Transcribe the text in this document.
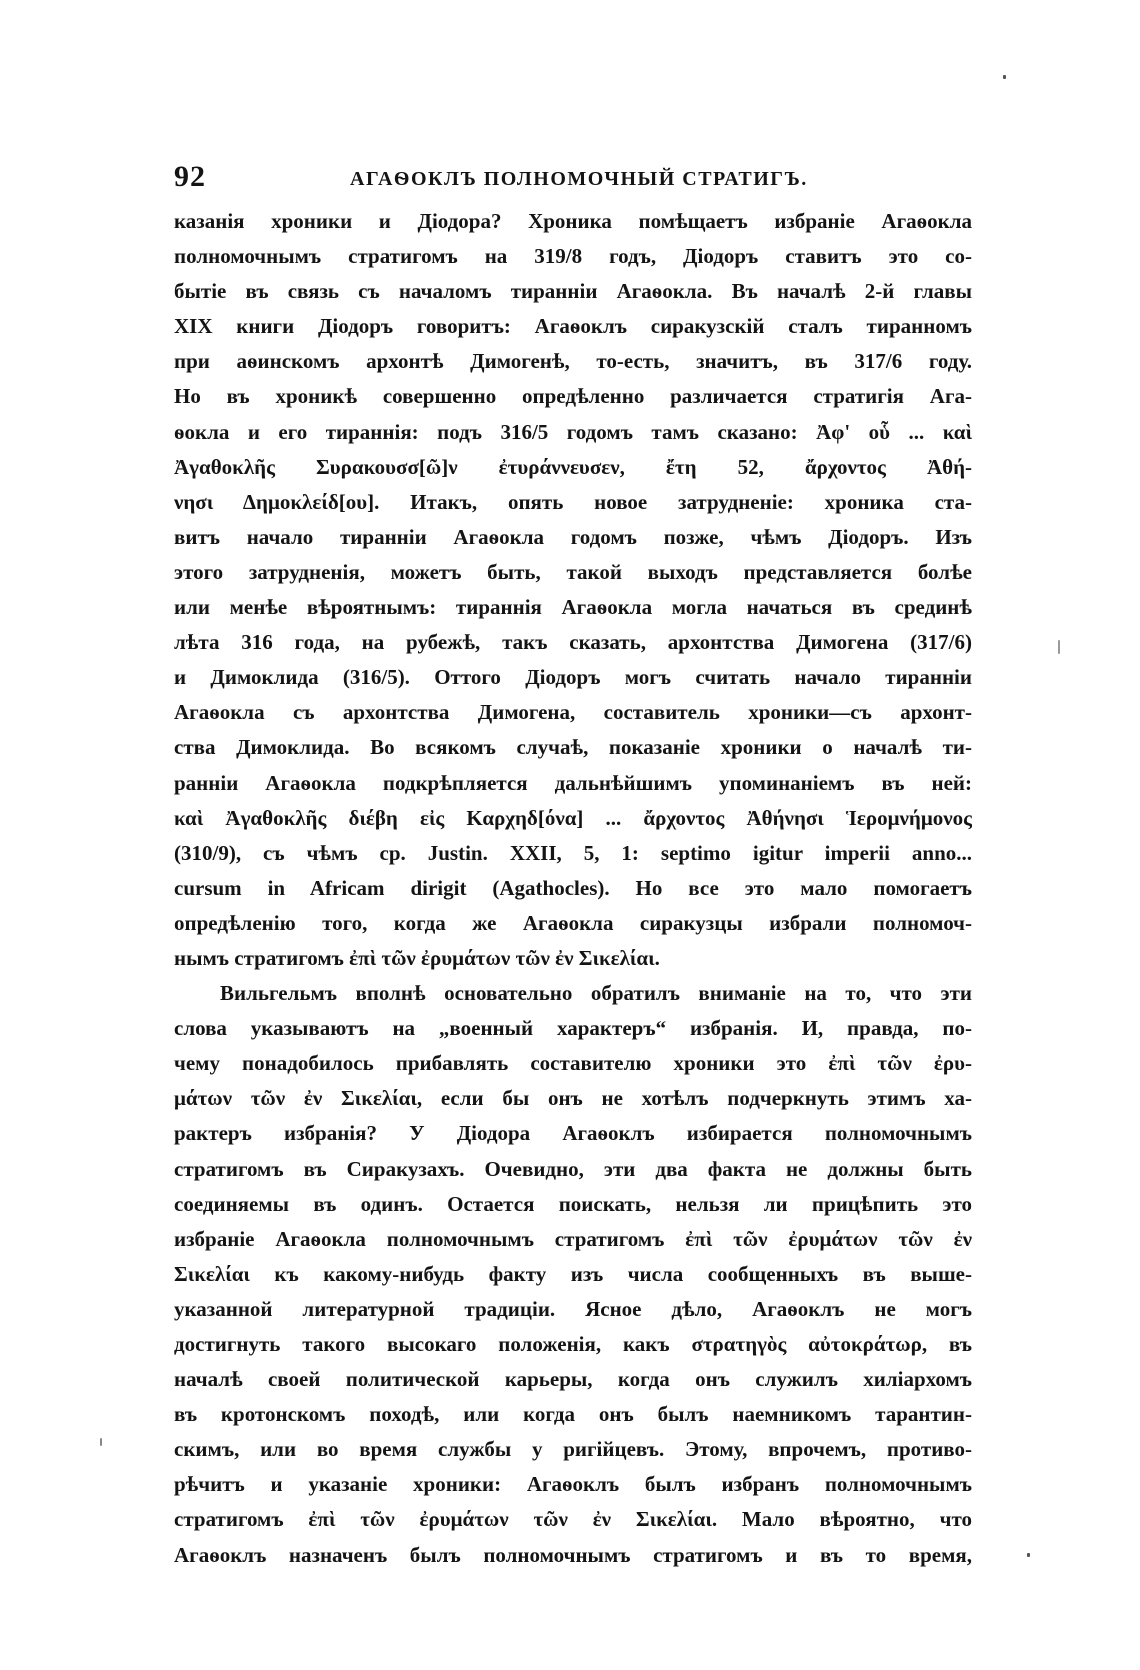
92	АГАѲОКЛЪ ПОЛНОМОЧНЫЙ СТРАТИГЪ.
казанія хроники и Діодора? Хроника помѣщаетъ избраніе Агаѳокла
полномочнымъ стратигомъ на 319/8 годъ, Діодоръ ставитъ это со-
бытіе въ связь съ началомъ тиранніи Агаѳокла. Въ началѣ 2-й главы
XIX книги Діодоръ говоритъ: Агаѳоклъ сиракузскій сталъ тиранномъ
при аѳинскомъ архонтѣ Димогенѣ, то-есть, значитъ, въ 317/6 году.
Но въ хроникѣ совершенно опредѣленно различается стратигія Ага-
ѳокла и его тираннія: подъ 316/5 годомъ тамъ сказано: Ἀφ' οὗ ... καὶ
Ἀγαθοκλῆς Συρακουσσ[ῶ]ν ἐτυράννευσεν, ἔτη 52, ἄρχοντος Ἀθή-
νησι Δημοκλείδ[ου]. Итакъ, опять новое затрудненіе: хроника ста-
витъ начало тиранніи Агаѳокла годомъ позже, чѣмъ Діодоръ. Изъ
этого затрудненія, можетъ быть, такой выходъ представляется болѣе
или менѣе вѣроятнымъ: тираннія Агаѳокла могла начаться въ срединѣ
лѣта 316 года, на рубежѣ, такъ сказать, архонтства Димогена (317/6)
и Димоклида (316/5). Оттого Діодоръ могъ считать начало тиранніи
Агаѳокла съ архонтства Димогена, составитель хроники—съ архонт-
ства Димоклида. Во всякомъ случаѣ, показаніе хроники о началѣ ти-
ранніи Агаѳокла подкрѣпляется дальнѣйшимъ упоминаніемъ въ ней:
καὶ Ἀγαθοκλῆς διέβη εἰς Καρχηδ[όνα] ... ἄρχοντος Ἀθήνησι Ἱερομνήμονος
(310/9), съ чѣмъ ср. Justin. XXII, 5, 1: septimo igitur imperii anno...
cursum in Africam dirigit (Agathocles). Но все это мало помогаетъ
опредѣленію того, когда же Агаѳокла сиракузцы избрали полномоч-
нымъ стратигомъ ἐπὶ τῶν ἐρυμάτων τῶν ἐν Σικελίαι.
Вильгельмъ вполнѣ основательно обратилъ вниманіе на то, что эти
слова указываютъ на „военный характеръ“ избранія. И, правда, по-
чему понадобилось прибавлять составителю хроники это ἐπὶ τῶν ἐρυ-
μάτων τῶν ἐν Σικελίαι, если бы онъ не хотѣлъ подчеркнуть этимъ ха-
рактеръ избранія? У Діодора Агаѳоклъ избирается полномочнымъ
стратигомъ въ Сиракузахъ. Очевидно, эти два факта не должны быть
соединяемы въ одинъ. Остается поискать, нельзя ли прицѣпить это
избраніе Агаѳокла полномочнымъ стратигомъ ἐπὶ τῶν ἐρυμάτων τῶν ἐν
Σικελίαι къ какому-нибудь факту изъ числа сообщенныхъ въ выше-
указанной литературной традиціи. Ясное дѣло, Агаѳоклъ не могъ
достигнуть такого высокаго положенія, какъ στρατηγὸς αὐτοκράτωρ, въ
началѣ своей политической карьеры, когда онъ служилъ хиліархомъ
въ кротонскомъ походѣ, или когда онъ былъ наемникомъ тарантин-
скимъ, или во время службы у ригійцевъ. Этому, впрочемъ, противо-
рѣчитъ и указаніе хроники: Агаѳоклъ былъ избранъ полномочнымъ
стратигомъ ἐπὶ τῶν ἐρυμάτων τῶν ἐν Σικελίαι. Мало вѣроятно, что
Агаѳоклъ назначенъ былъ полномочнымъ стратигомъ и въ то время,
